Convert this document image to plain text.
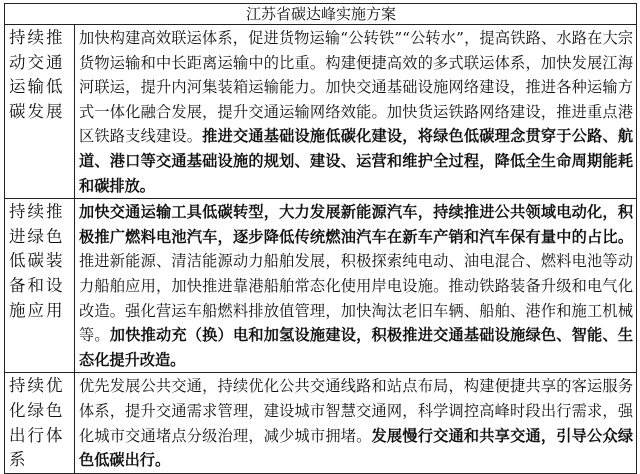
江苏省碳达峰实施方案	
持续推动交通运输低碳发展	加快构建高效联运体系，促进货物运输“公转铁”“公转水”，提高铁路、水路在大宗货物运输和中长距离运输中的比重。构建便捷高效的多式联运体系，加快发展江海河联运，提升内河集装箱运输能力。加快交通基础设施网络建设，推进各种运输方式一体化融合发展，提升交通运输网络效能。加快货运铁路网络建设，推进重点港区铁路支线建设。推进交通基础设施低碳化建设，将绿色低碳理念贯穿于公路、航道、港口等交通基础设施的规划、建设、运营和维护全过程，降低全生命周期能耗和碳排放。
持续推进绿色低碳装备和设施应用	加快交通运输工具低碳转型，大力发展新能源汽车，持续推进公共领域电动化，积极推广燃料电池汽车，逐步降低传统燃油汽车在新车产销和汽车保有量中的占比。推进新能源、清洁能源动力船舶发展，积极探索纯电动、油电混合、燃料电池等动力船舶应用，加快推进靠港船舶常态化使用岸电设施。推动铁路装备升级和电气化改造。强化营运车船燃料排放值管理，加快淘汰老旧车辆、船舶、港作和施工机械等。加快推动充（换）电和加氢设施建设，积极推进交通基础设施绿色、智能、生态化提升改造。
持续优化绿色出行体系	优先发展公共交通，持续优化公共交通线路和站点布局，构建便捷共享的客运服务体系，提升交通需求管理，建设城市智慧交通网，科学调控高峰时段出行需求，强化城市交通堵点分级治理，减少城市拥堵。发展慢行交通和共享交通，引导公众绿色低碳出行。
